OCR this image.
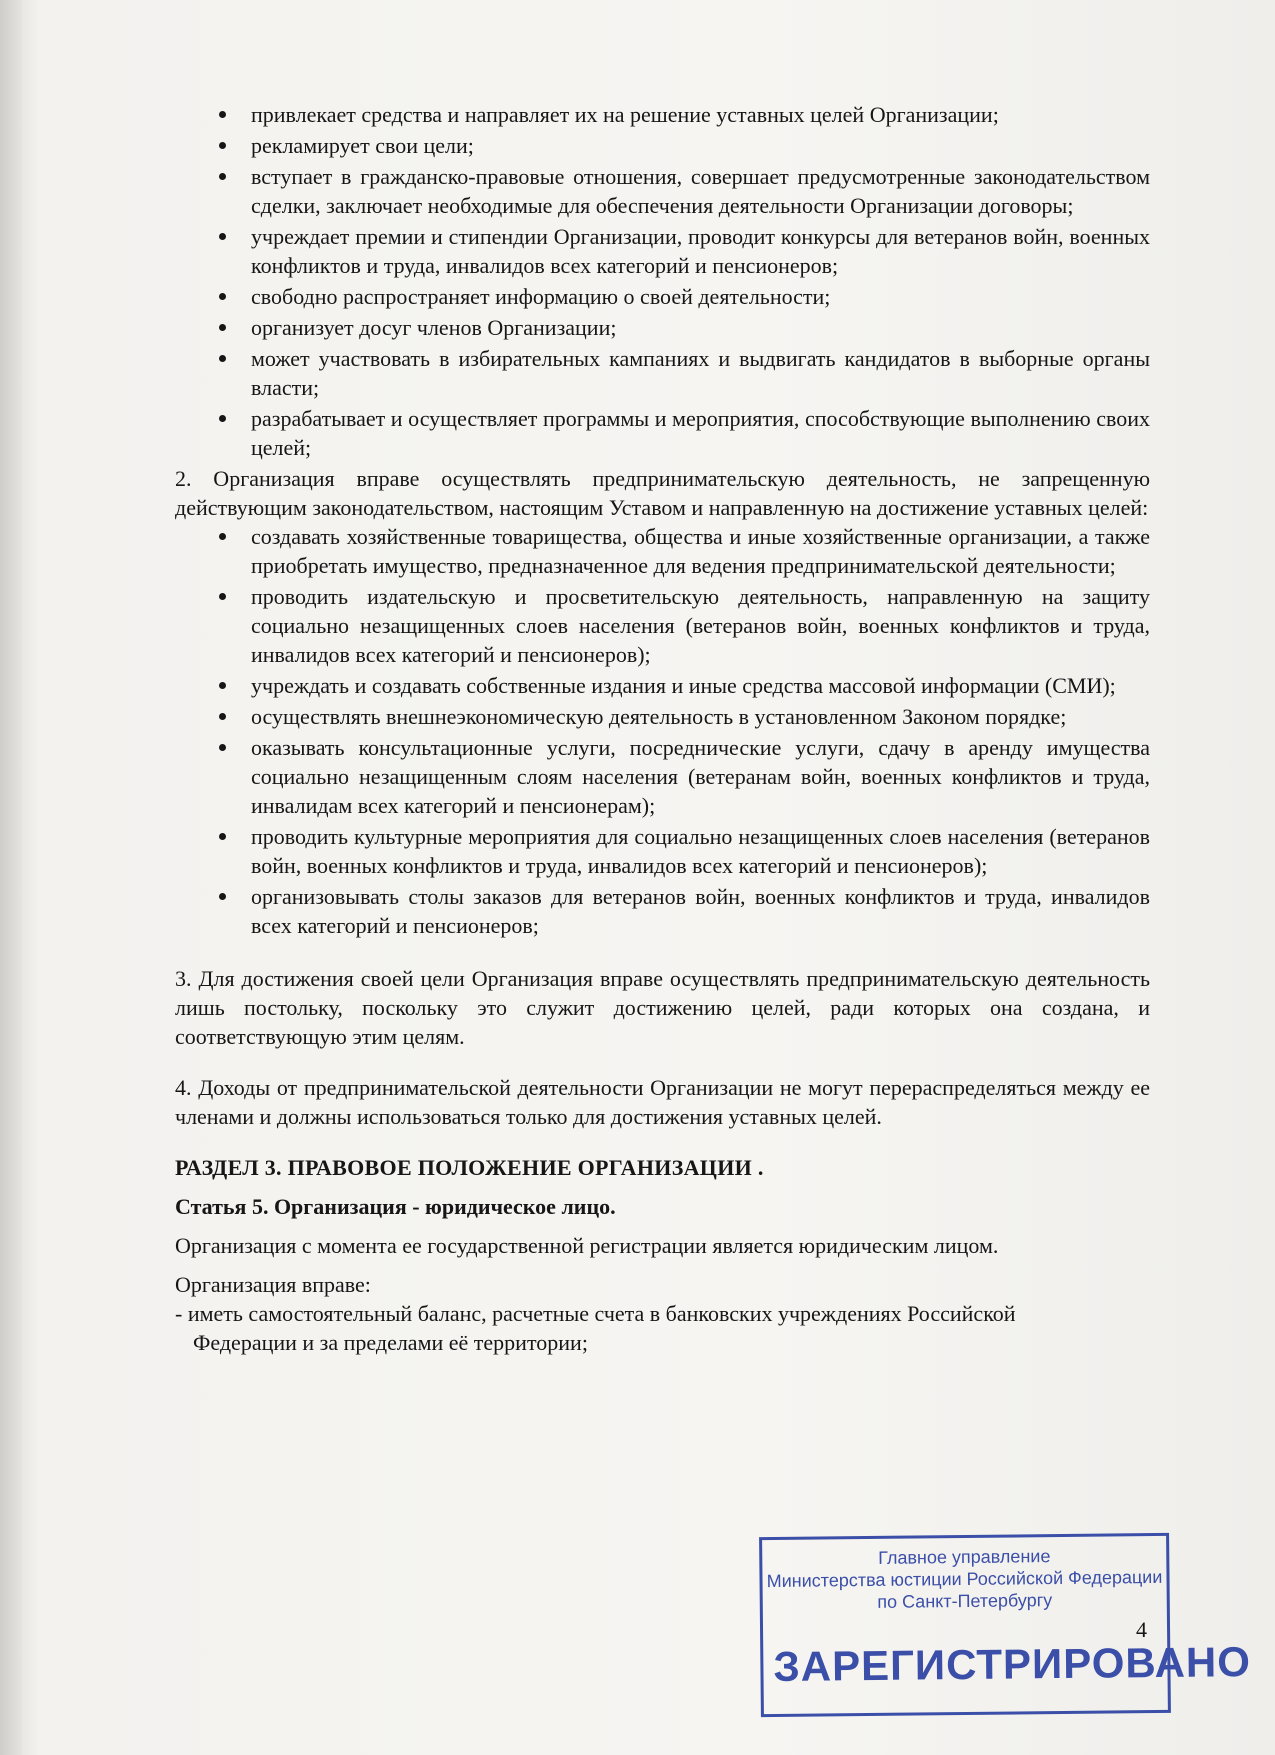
привлекает средства и направляет их на решение уставных целей Организации;
рекламирует свои цели;
вступает в гражданско-правовые отношения, совершает предусмотренные законодательством сделки, заключает необходимые для обеспечения деятельности Организации договоры;
учреждает премии и стипендии Организации, проводит конкурсы для ветеранов войн, военных конфликтов и труда, инвалидов всех категорий и пенсионеров;
свободно распространяет информацию о своей деятельности;
организует досуг членов Организации;
может участвовать в избирательных кампаниях и выдвигать кандидатов в выборные органы власти;
разрабатывает и осуществляет программы и мероприятия, способствующие выполнению своих целей;

2. Организация вправе осуществлять предпринимательскую деятельность, не запрещенную действующим законодательством, настоящим Уставом и направленную на достижение уставных целей:

создавать хозяйственные товарищества, общества и иные хозяйственные организации, а также приобретать имущество, предназначенное для ведения предпринимательской деятельности;
проводить издательскую и просветительскую деятельность, направленную на защиту социально незащищенных слоев населения (ветеранов войн, военных конфликтов и труда, инвалидов всех категорий и пенсионеров);
учреждать и создавать собственные издания и иные средства массовой информации (СМИ);
осуществлять внешнеэкономическую деятельность в установленном Законом порядке;
оказывать консультационные услуги, посреднические услуги, сдачу в аренду имущества социально незащищенным слоям населения (ветеранам войн, военных конфликтов и труда, инвалидам всех категорий и пенсионерам);
проводить культурные мероприятия для социально незащищенных слоев населения (ветеранов войн, военных конфликтов и труда, инвалидов всех категорий и пенсионеров);
организовывать столы заказов для ветеранов войн, военных конфликтов и труда, инвалидов всех категорий и пенсионеров;

3. Для достижения своей цели Организация вправе осуществлять предпринимательскую деятельность лишь постольку, поскольку это служит достижению целей, ради которых она создана, и соответствующую этим целям.

4. Доходы от предпринимательской деятельности Организации не могут перераспределяться между ее членами и должны использоваться только для достижения уставных целей.

РАЗДЕЛ 3. ПРАВОВОЕ ПОЛОЖЕНИЕ ОРГАНИЗАЦИИ .

Статья 5. Организация - юридическое лицо.

Организация с момента ее государственной регистрации является юридическим лицом.

Организация вправе:

- иметь самостоятельный баланс, расчетные счета в банковских учреждениях Российской
Федерации и за пределами её территории;

Главное управление
Министерства юстиции Российской Федерации
по Санкт-Петербургу
ЗАРЕГИСТРИРОВАНО
4
